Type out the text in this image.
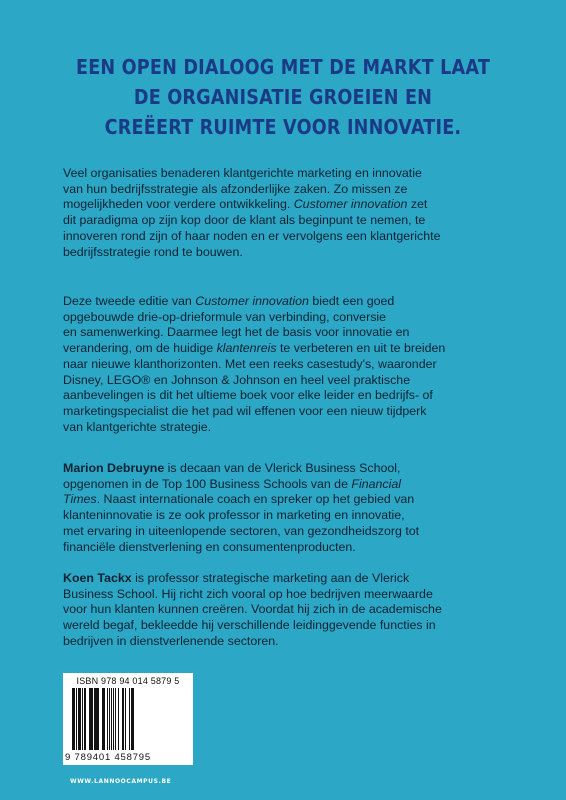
EEN OPEN DIALOOG MET DE MARKT LAAT
DE ORGANISATIE GROEIEN EN
CREËERT RUIMTE VOOR INNOVATIE.
Veel organisaties benaderen klantgerichte marketing en innovatie
van hun bedrijfsstrategie als afzonderlijke zaken. Zo missen ze
mogelijkheden voor verdere ontwikkeling. Customer innovation zet
dit paradigma op zijn kop door de klant als beginpunt te nemen, te
innoveren rond zijn of haar noden en er vervolgens een klantgerichte
bedrijfsstrategie rond te bouwen.
Deze tweede editie van Customer innovation biedt een goed
opgebouwde drie-op-drieformule van verbinding, conversie
en samenwerking. Daarmee legt het de basis voor innovatie en
verandering, om de huidige klantenreis te verbeteren en uit te breiden
naar nieuwe klanthorizonten. Met een reeks casestudy's, waaronder
Disney, LEGO® en Johnson & Johnson en heel veel praktische
aanbevelingen is dit het ultieme boek voor elke leider en bedrijfs- of
marketingspecialist die het pad wil effenen voor een nieuw tijdperk
van klantgerichte strategie.
Marion Debruyne is decaan van de Vlerick Business School,
opgenomen in de Top 100 Business Schools van de Financial
Times. Naast internationale coach en spreker op het gebied van
klanteninnovatie is ze ook professor in marketing en innovatie,
met ervaring in uiteenlopende sectoren, van gezondheidszorg tot
financiële dienstverlening en consumentenproducten.
Koen Tackx is professor strategische marketing aan de Vlerick
Business School. Hij richt zich vooral op hoe bedrijven meerwaarde
voor hun klanten kunnen creëren. Voordat hij zich in de academische
wereld begaf, bekleedde hij verschillende leidinggevende functies in
bedrijven in dienstverlenende sectoren.
ISBN 978 94 014 5879 5
9 789401 458795
WWW.LANNOOCAMPUS.BE
